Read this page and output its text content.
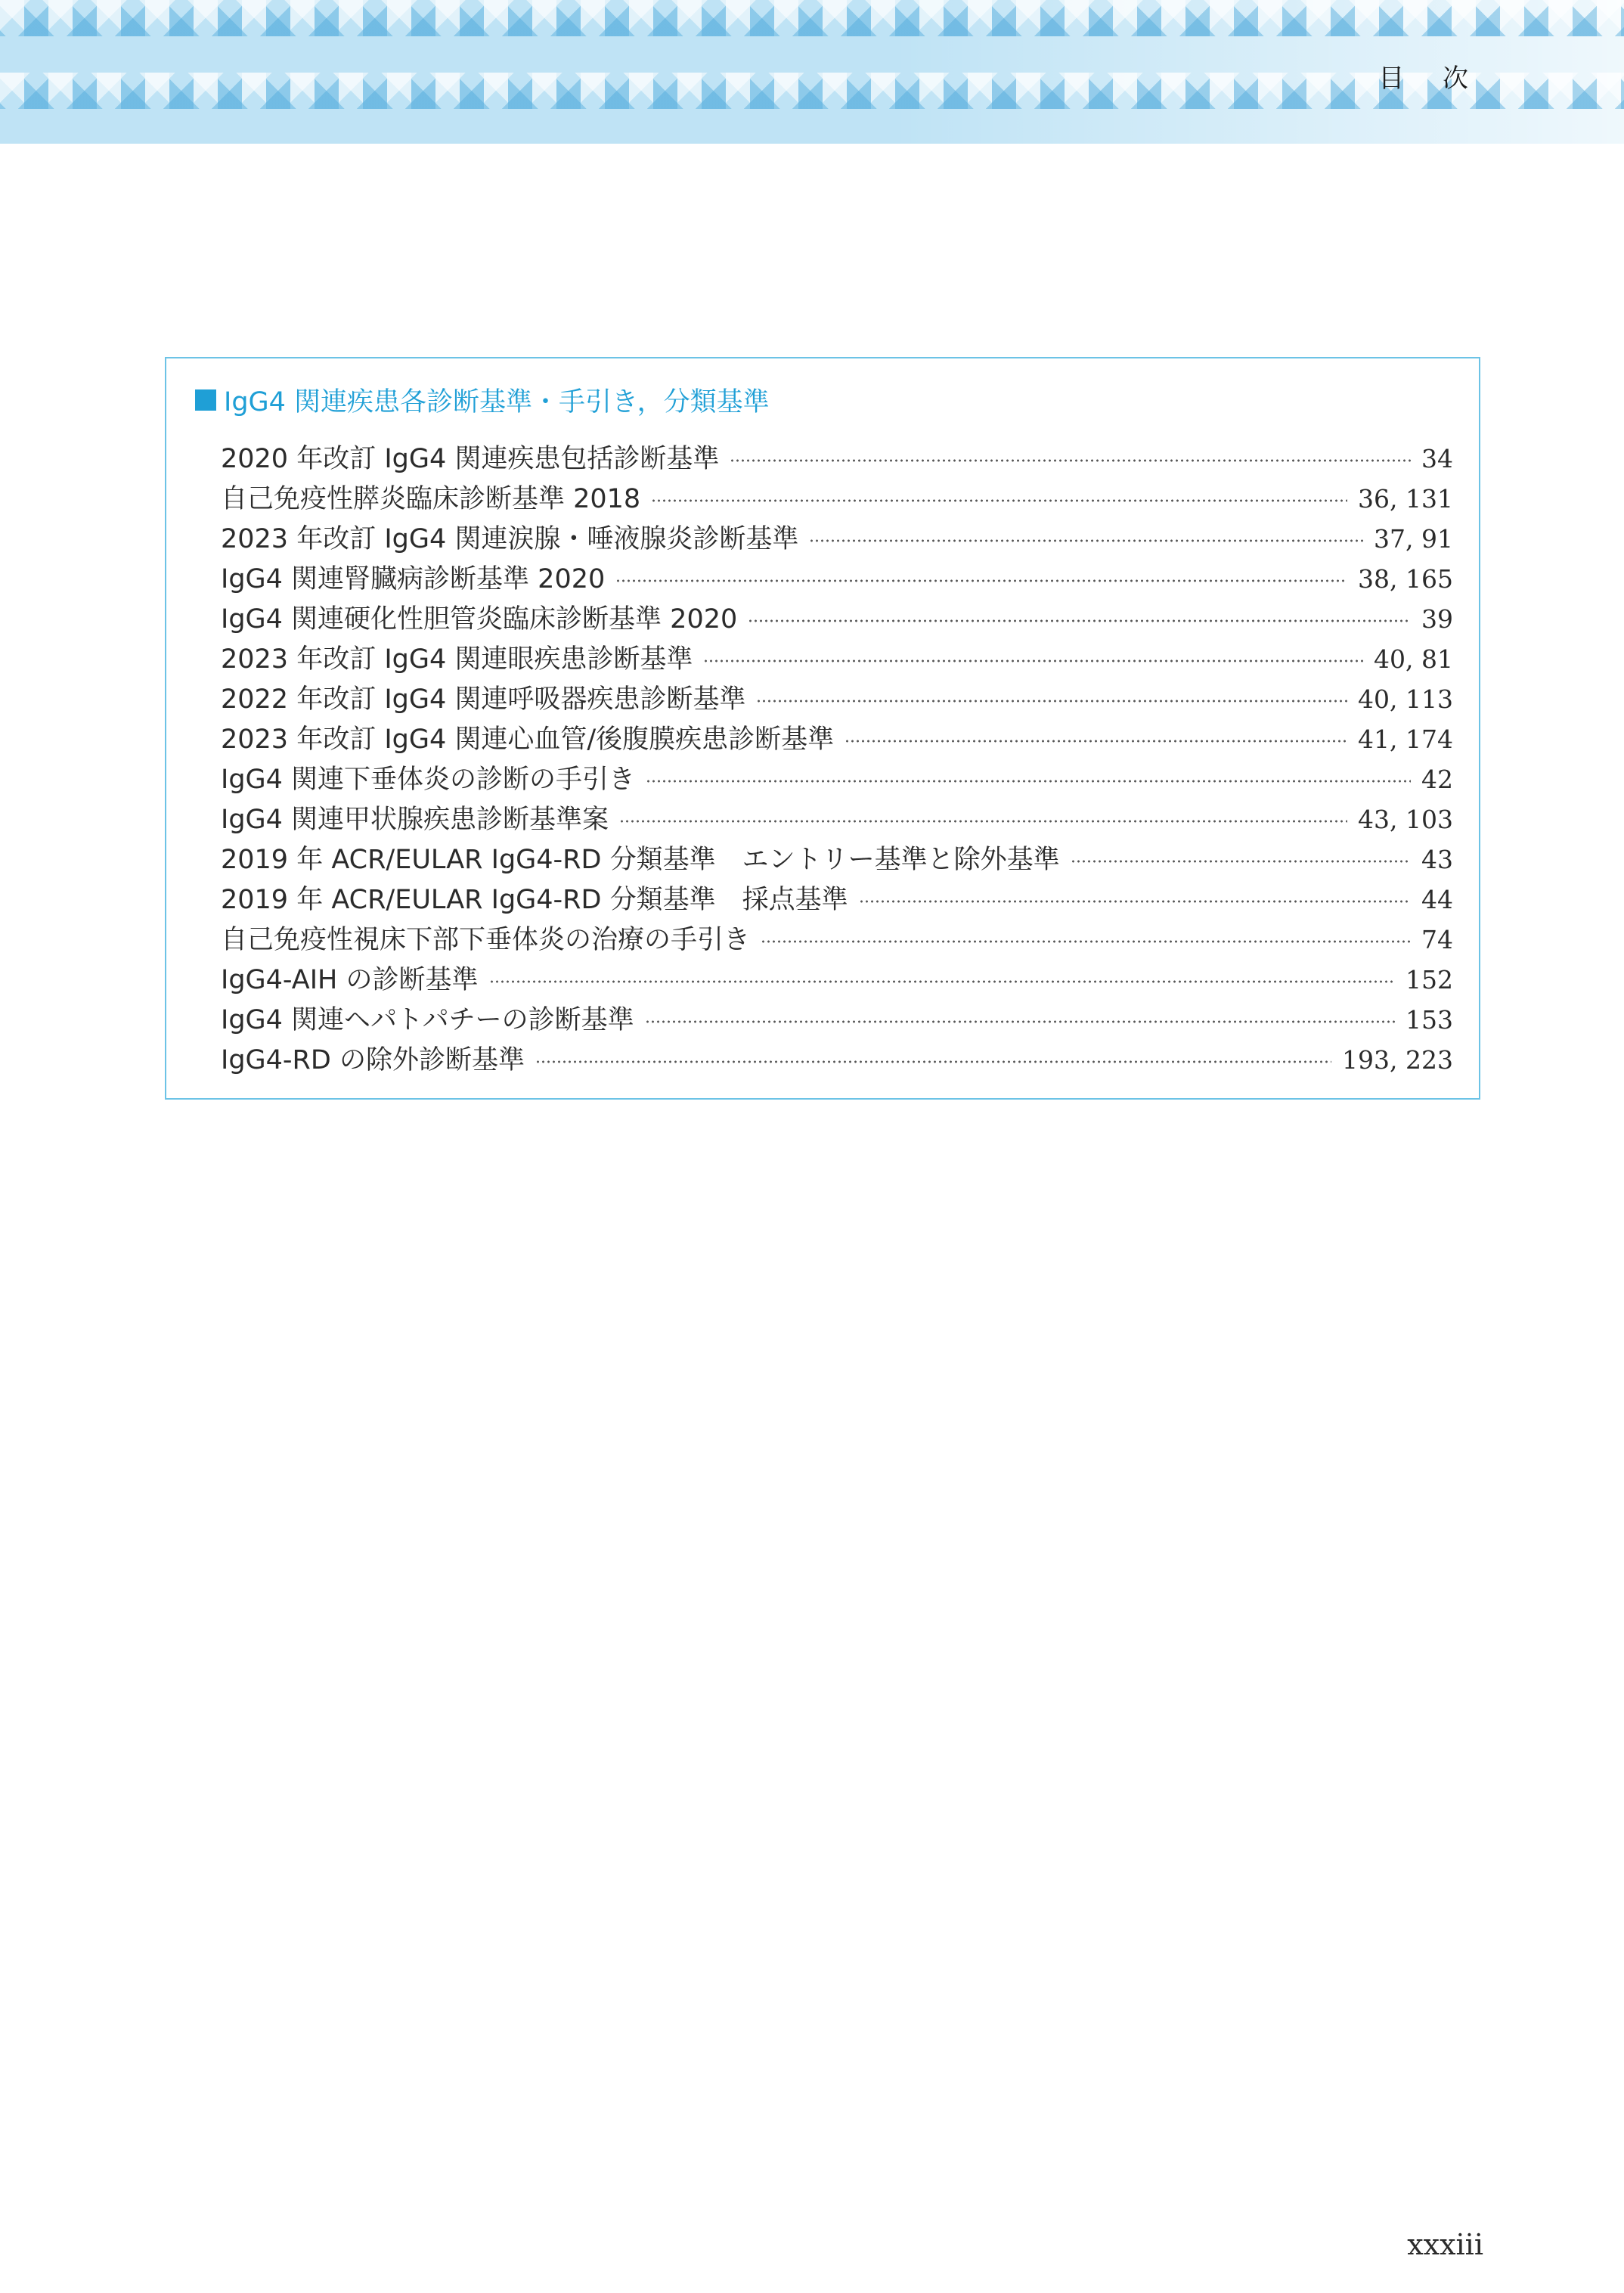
目 次
IgG4 関連疾患各診断基準・手引き，分類基準
2020 年改訂 IgG4 関連疾患包括診断基準	34
自己免疫性膵炎臨床診断基準 2018	36, 131
2023 年改訂 IgG4 関連涙腺・唾液腺炎診断基準	37, 91
IgG4 関連腎臓病診断基準 2020	38, 165
IgG4 関連硬化性胆管炎臨床診断基準 2020	39
2023 年改訂 IgG4 関連眼疾患診断基準	40, 81
2022 年改訂 IgG4 関連呼吸器疾患診断基準	40, 113
2023 年改訂 IgG4 関連心血管/後腹膜疾患診断基準	41, 174
IgG4 関連下垂体炎の診断の手引き	42
IgG4 関連甲状腺疾患診断基準案	43, 103
2019 年 ACR/EULAR IgG4-RD 分類基準　エントリー基準と除外基準	43
2019 年 ACR/EULAR IgG4-RD 分類基準　採点基準	44
自己免疫性視床下部下垂体炎の治療の手引き	74
IgG4-AIH の診断基準	152
IgG4 関連ヘパトパチーの診断基準	153
IgG4-RD の除外診断基準	193, 223
xxxiii
